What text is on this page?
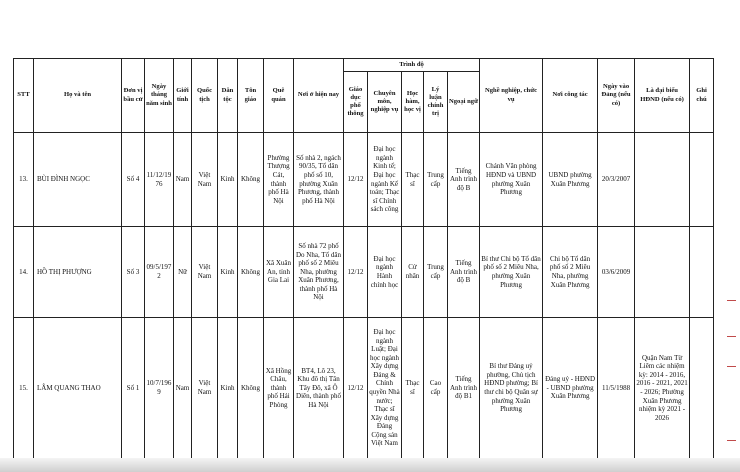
STT	Họ và tên	Đơn vị bầu cử	Ngày tháng năm sinh	Giới tính	Quốc tịch	Dân tộc	Tôn giáo	Quê quán	Nơi ở hiện nay	Trình độ					Nghề nghiệp, chức vụ	Nơi công tác	Ngày vào Đảng (nếu có)	Là đại biểu HĐND (nếu có)	Ghi chú
										Giáo dục phổ thông	Chuyên môn, nghiệp vụ	Học hàm, học vị	Lý luận chính trị	Ngoại ngữ					
13.	BÙI ĐÌNH NGỌC	Số 4	11/12/1976	Nam	Việt Nam	Kinh	Không	Phường Thượng Cát, thành phố Hà Nội	Số nhà 2, ngách 90/35, Tổ dân phố số 10, phường Xuân Phương, thành phố Hà Nội	12/12	Đại học ngành Kinh tế; Đại học ngành Kế toán; Thạc sĩ Chính sách công	Thạc sĩ	Trung cấp	Tiếng Anh trình độ B	Chánh Văn phòng HĐND và UBND phường Xuân Phương	UBND phường Xuân Phương	20/3/2007		
14.	HỒ THỊ PHƯỢNG	Số 3	09/5/1972	Nữ	Việt Nam	Kinh	Không	Xã Xuân An, tỉnh Gia Lai	Số nhà 72 phố Do Nha, Tổ dân phố số 2 Miêu Nha, phường Xuân Phương, thành phố Hà Nội	12/12	Đại học ngành Hành chính học	Cử nhân	Trung cấp	Tiếng Anh trình độ B	Bí thư Chi bộ Tổ dân phố số 2 Miêu Nha, phường Xuân Phương	Chi bộ Tổ dân phố số 2 Miêu Nha, phường Xuân Phương	03/6/2009		
15.	LÂM QUANG THAO	Số 1	10/7/1969	Nam	Việt Nam	Kinh	Không	Xã Hồng Châu, thành phố Hải Phòng	BT4, Lô 23, Khu đô thị Tân Tây Đô, xã Ô Diên, thành phố Hà Nội	12/12	Đại học ngành Luật; Đại học ngành Xây dựng Đảng & Chính quyền Nhà nước; Thạc sĩ Xây dựng Đảng Cộng sản Việt Nam	Thạc sĩ	Cao cấp	Tiếng Anh trình độ B1	Bí thư Đảng uỷ phường, Chủ tịch HĐND phường; Bí thư chi bộ Quân sự phường Xuân Phương	Đảng uỷ - HĐND - UBND phường Xuân Phương	11/5/1988	Quận Nam Từ Liêm các nhiệm kỳ: 2014 - 2016, 2016 - 2021, 2021 - 2026; Phường Xuân Phương nhiệm kỳ 2021 - 2026	
